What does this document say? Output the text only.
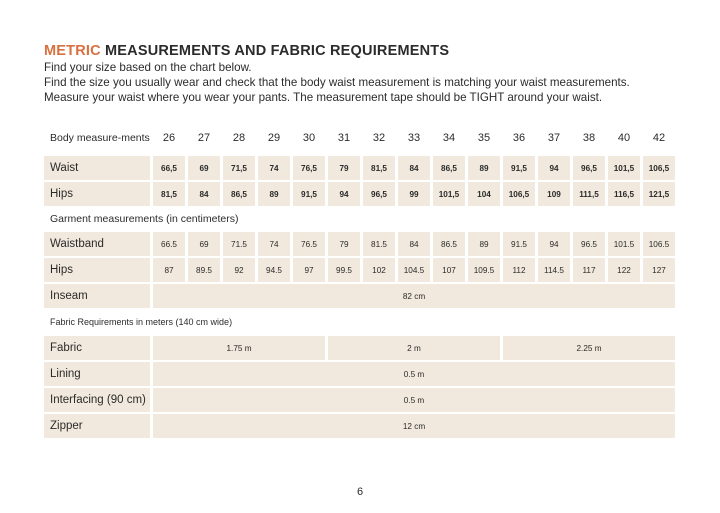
METRIC MEASUREMENTS AND FABRIC REQUIREMENTS
Find your size based on the chart below.
Find the size you usually wear and check that the body waist measurement is matching your waist measurements.
Measure your waist where you wear your pants. The measurement tape should be TIGHT around your waist.
Body measure-ments	26	27	28	29	30	31	32	33	34	35	36	37	38	40	42
Waist	66,5	69	71,5	74	76,5	79	81,5	84	86,5	89	91,5	94	96,5	101,5	106,5
Hips	81,5	84	86,5	89	91,5	94	96,5	99	101,5	104	106,5	109	111,5	116,5	121,5
Garment measurements (in centimeters)															
Waistband	66.5	69	71.5	74	76.5	79	81.5	84	86.5	89	91.5	94	96.5	101.5	106.5
Hips	87	89.5	92	94.5	97	99.5	102	104.5	107	109.5	112	114.5	117	122	127
Inseam	82 cm														
Fabric Requirements in meters (140 cm wide)															
Fabric	1.75 m					2 m					2.25 m				
Lining	0.5 m														
Interfacing (90 cm)	0.5 m														
Zipper	12 cm														
6
